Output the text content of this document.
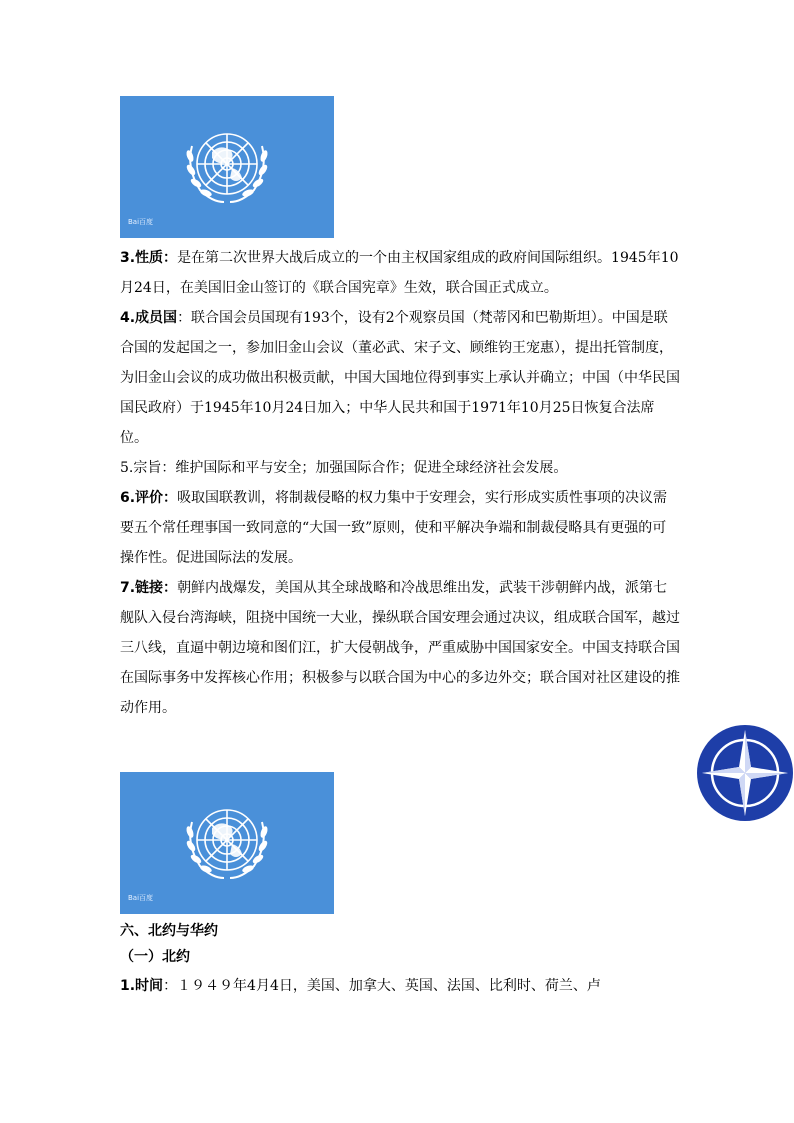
Bai百度

3.性质：是在第二次世界大战后成立的一个由主权国家组成的政府间国际组织。1945年10月24日，在美国旧金山签订的《联合国宪章》生效，联合国正式成立。

4.成员国：联合国会员国现有193个，设有2个观察员国（梵蒂冈和巴勒斯坦）。中国是联合国的发起国之一，参加旧金山会议（董必武、宋子文、顾维钧王宠惠），提出托管制度，为旧金山会议的成功做出积极贡献，中国大国地位得到事实上承认并确立；中国（中华民国国民政府）于1945年10月24日加入；中华人民共和国于1971年10月25日恢复合法席位。

5.宗旨：维护国际和平与安全；加强国际合作；促进全球经济社会发展。

6.评价：吸取国联教训，将制裁侵略的权力集中于安理会，实行形成实质性事项的决议需要五个常任理事国一致同意的“大国一致”原则，使和平解决争端和制裁侵略具有更强的可操作性。促进国际法的发展。

7.链接：朝鲜内战爆发，美国从其全球战略和冷战思维出发，武装干涉朝鲜内战，派第七舰队入侵台湾海峡，阻挠中国统一大业，操纵联合国安理会通过决议，组成联合国军，越过三八线，直逼中朝边境和图们江，扩大侵朝战争，严重威胁中国国家安全。中国支持联合国在国际事务中发挥核心作用；积极参与以联合国为中心的多边外交；联合国对社区建设的推动作用。

Bai百度

六、北约与华约

（一）北约

1.时间：１９４９年4月4日，美国、加拿大、英国、法国、比利时、荷兰、卢
